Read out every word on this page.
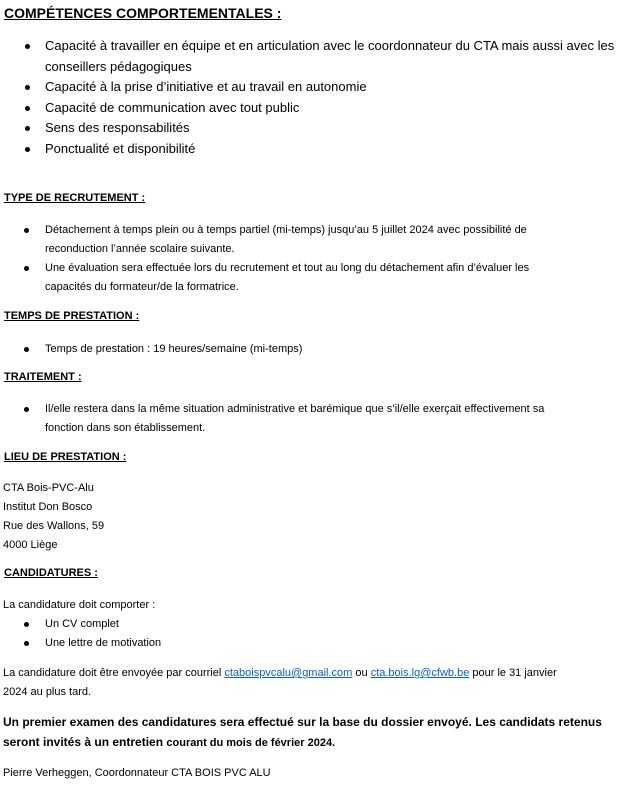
COMPÉTENCES COMPORTEMENTALES :
Capacité à travailler en équipe et en articulation avec le coordonnateur du CTA mais aussi avec les
conseillers pédagogiques
Capacité à la prise d’initiative et au travail en autonomie
Capacité de communication avec tout public
Sens des responsabilités
Ponctualité et disponibilité
TYPE DE RECRUTEMENT :
Détachement à temps plein ou à temps partiel (mi-temps) jusqu’au 5 juillet 2024 avec possibilité de
reconduction l’année scolaire suivante.
Une évaluation sera effectuée lors du recrutement et tout au long du détachement afin d’évaluer les
capacités du formateur/de la formatrice.
TEMPS DE PRESTATION :
Temps de prestation : 19 heures/semaine (mi-temps)
TRAITEMENT :
Il/elle restera dans la même situation administrative et barémique que s’il/elle exerçait effectivement sa
fonction dans son établissement.
LIEU DE PRESTATION :
CTA Bois-PVC-Alu
Institut Don Bosco
Rue des Wallons, 59
4000 Liège
CANDIDATURES :
La candidature doit comporter :
Un CV complet
Une lettre de motivation
La candidature doit être envoyée par courriel ctaboispvcalu@gmail.com ou cta.bois.lg@cfwb.be pour le 31 janvier
2024 au plus tard.
Un premier examen des candidatures sera effectué sur la base du dossier envoyé. Les candidats retenus
seront invités à un entretien courant du mois de février 2024.
Pierre Verheggen, Coordonnateur CTA BOIS PVC ALU
